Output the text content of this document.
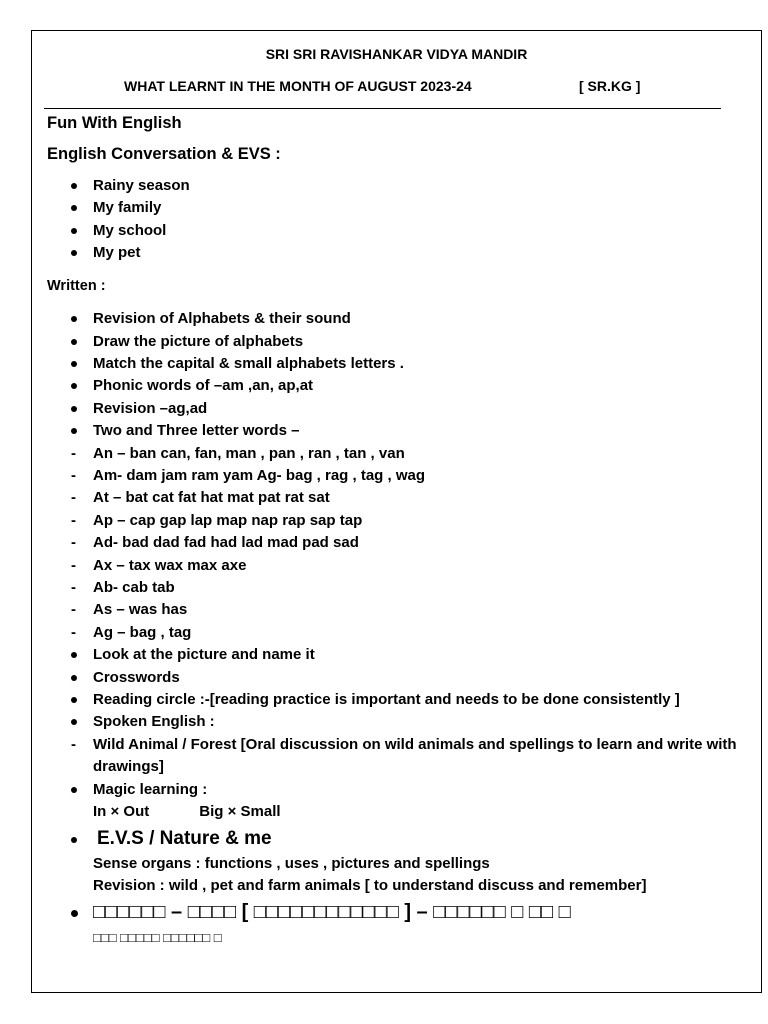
SRI SRI RAVISHANKAR VIDYA MANDIR
WHAT LEARNT IN THE MONTH OF AUGUST 2023-24	[ SR.KG ]

Fun With English

English Conversation & EVS :

Rainy season
My family
My school
My pet

Written :

Revision of Alphabets & their sound
Draw the picture of alphabets
Match the capital & small alphabets letters .
Phonic words of –am ,an, ap,at
Revision –ag,ad
Two and Three letter words –
- An – ban can, fan, man , pan , ran , tan , van
- Am- dam jam ram yam Ag- bag , rag , tag , wag
- At – bat cat fat hat mat pat rat sat
- Ap – cap gap lap map nap rap sap tap
- Ad- bad dad fad had lad mad pad sad
- Ax – tax wax max axe
- Ab- cab tab
- As – was has
- Ag – bag , tag
Look at the picture and name it
Crosswords
Reading circle :-[reading practice is important and needs to be done consistently ]
Spoken English :
- Wild Animal / Forest [Oral discussion on wild animals and spellings to learn and write with drawings]
Magic learning :
In × Out            Big × Small
E.V.S / Nature & me
Sense organs : functions , uses , pictures and spellings
Revision : wild , pet and farm animals [ to understand discuss and remember]
□□□□□□ – □□□□ [ □□□□□□□□□□□□ ] – □□□□□□ □ □□ □
□□□ □□□□□ □□□□□□ □
